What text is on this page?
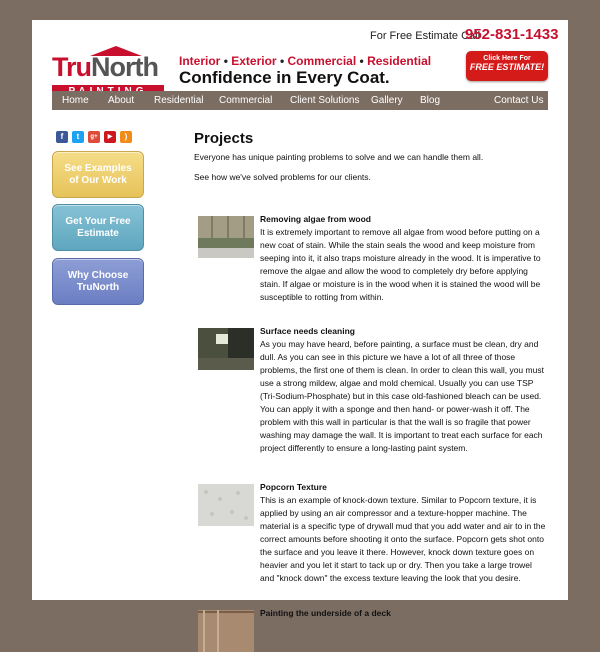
TruNorth
For Free Estimate Call
952-831-1433
Interior • Exterior • Commercial • Residential
Confidence in Every Coat.
Click Here For
FREE ESTIMATE!
Home About Residential Commercial Client Solutions Gallery Blog	Contact Us
f	t	g+	▶	)
See Examples of Our Work
Get Your Free Estimate
Why Choose TruNorth
Projects

Everyone has unique painting problems to solve and we can handle them all.

See how we've solved problems for our clients.

Removing algae from wood

It is extremely important to remove all algae from wood before putting on a new coat of stain. While the stain seals the wood and keep moisture from seeping into it, it also traps moisture already in the wood. It is imperative to remove the algae and allow the wood to completely dry before applying stain. If algae or moisture is in the wood when it is stained the wood will be susceptible to rotting from within.

Surface needs cleaning

As you may have heard, before painting, a surface must be clean, dry and dull. As you can see in this picture we have a lot of all three of those problems, the first one of them is clean. In order to clean this wall, you must use a strong mildew, algae and mold chemical. Usually you can use TSP (Tri-Sodium-Phosphate) but in this case old-fashioned bleach can be used. You can apply it with a sponge and then hand- or power-wash it off. The problem with this wall in particular is that the wall is so fragile that power washing may damage the wall. It is important to treat each surface for each project differently to ensure a long-lasting paint system.

Popcorn Texture

This is an example of knock-down texture. Similar to Popcorn texture, it is applied by using an air compressor and a texture-hopper machine. The material is a specific type of drywall mud that you add water and air to in the correct amounts before shooting it onto the surface. Popcorn gets shot onto the surface and you leave it there. However, knock down texture goes on heavier and you let it start to tack up or dry. Then you take a large trowel and "knock down" the excess texture leaving the look that you desire.

Painting the underside of a deck
